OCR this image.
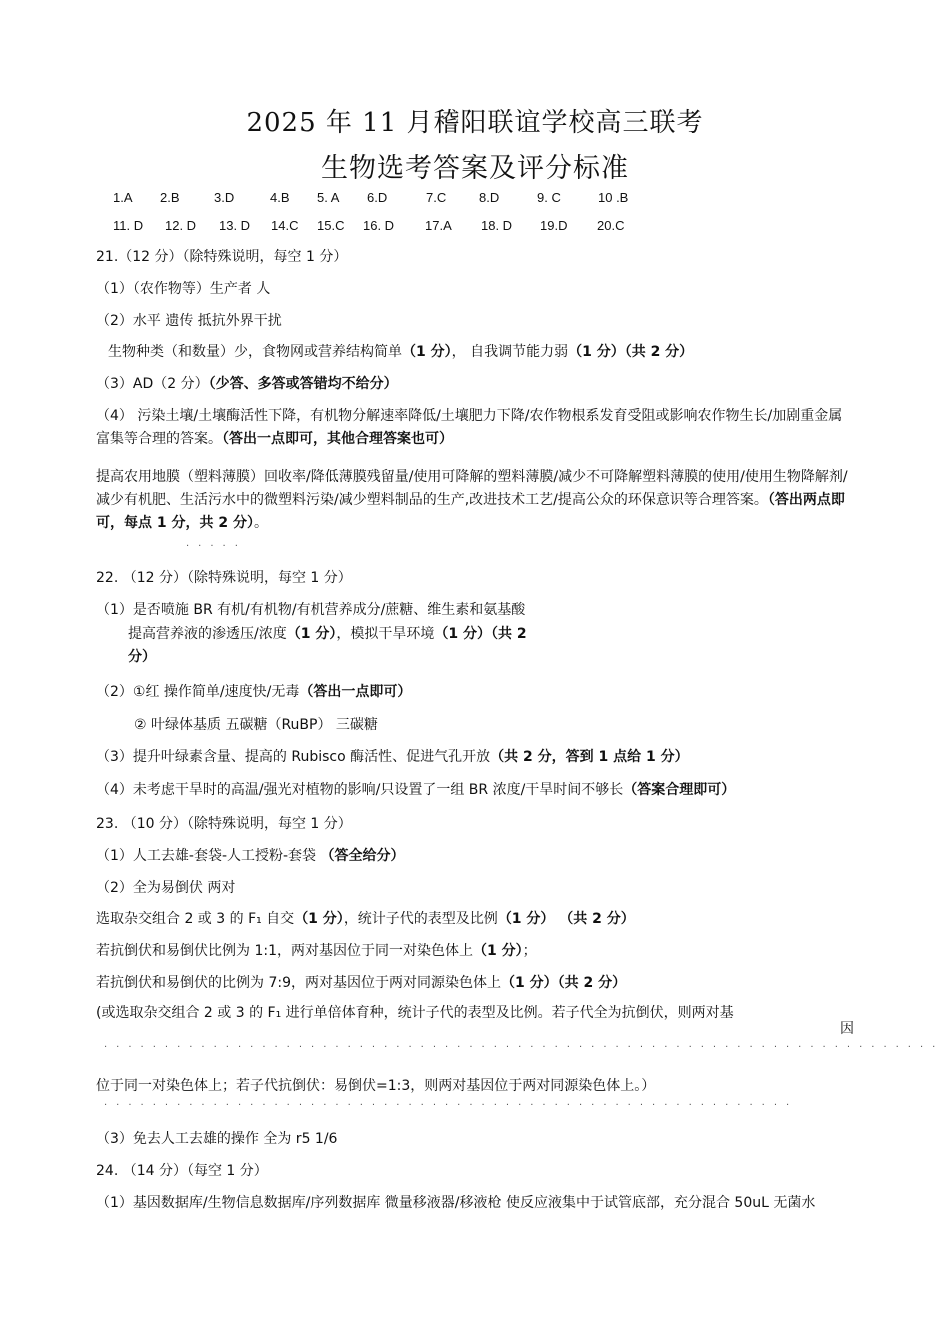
2025 年 11 月稽阳联谊学校高三联考
生物选考答案及评分标准
1.A 2.B	3.D	4.B 5. A 6.D	7.C	8.D	9. C	10 .B
11. D 12. D 13. D 14.C 15.C 16. D 17.A 18. D 19.D 20.C
21.（12 分）（除特殊说明，每空 1 分）
（1）（农作物等）生产者 人
（2）水平 遗传 抵抗外界干扰
生物种类（和数量）少，食物网或营养结构简单（1 分）， 自我调节能力弱（1 分）（共 2 分）
（3）AD（2 分）（少答、多答或答错均不给分）
（4） 污染土壤/土壤酶活性下降，有机物分解速率降低/土壤肥力下降/农作物根系发育受阻或影响农作物生长/加剧重金属富集等合理的答案。（答出一点即可，其他合理答案也可）
提高农用地膜（塑料薄膜）回收率/降低薄膜残留量/使用可降解的塑料薄膜/减少不可降解塑料薄膜的使用/使用生物降解剂/减少有机肥、生活污水中的微塑料污染/减少塑料制品的生产,改进技术工艺/提高公众的环保意识等合理答案。（答出两点即可，每点 1 分，共 2 分）。
·····
22. （12 分）（除特殊说明，每空 1 分）
（1）是否喷施 BR 有机/有机物/有机营养成分/蔗糖、维生素和氨基酸
提高营养液的渗透压/浓度（1 分），模拟干旱环境（1 分）（共 2
分）
（2）①红 操作简单/速度快/无毒（答出一点即可）
② 叶绿体基质 五碳糖（RuBP） 三碳糖
（3）提升叶绿素含量、提高的 Rubisco 酶活性、促进气孔开放（共 2 分，答到 1 点给 1 分）
（4）未考虑干旱时的高温/强光对植物的影响/只设置了一组 BR 浓度/干旱时间不够长（答案合理即可）
23. （10 分）（除特殊说明，每空 1 分）
（1）人工去雄-套袋-人工授粉-套袋 （答全给分）
（2）全为易倒伏 两对
选取杂交组合 2 或 3 的 F₁ 自交（1 分），统计子代的表型及比例（1 分） （共 2 分）
若抗倒伏和易倒伏比例为 1:1，两对基因位于同一对染色体上（1 分）；
若抗倒伏和易倒伏的比例为 7:9，两对基因位于两对同源染色体上（1 分）（共 2 分）
(或选取杂交组合 2 或 3 的 F₁ 进行单倍体育种，统计子代的表型及比例。若子代全为抗倒伏，则两对基
因
·····································································
位于同一对染色体上；若子代抗倒伏：易倒伏=1:3，则两对基因位于两对同源染色体上。）
·························································
（3）免去人工去雄的操作 全为 r5 1/6
24. （14 分）（每空 1 分）
（1）基因数据库/生物信息数据库/序列数据库 微量移液器/移液枪 使反应液集中于试管底部，充分混合 50uL 无菌水
